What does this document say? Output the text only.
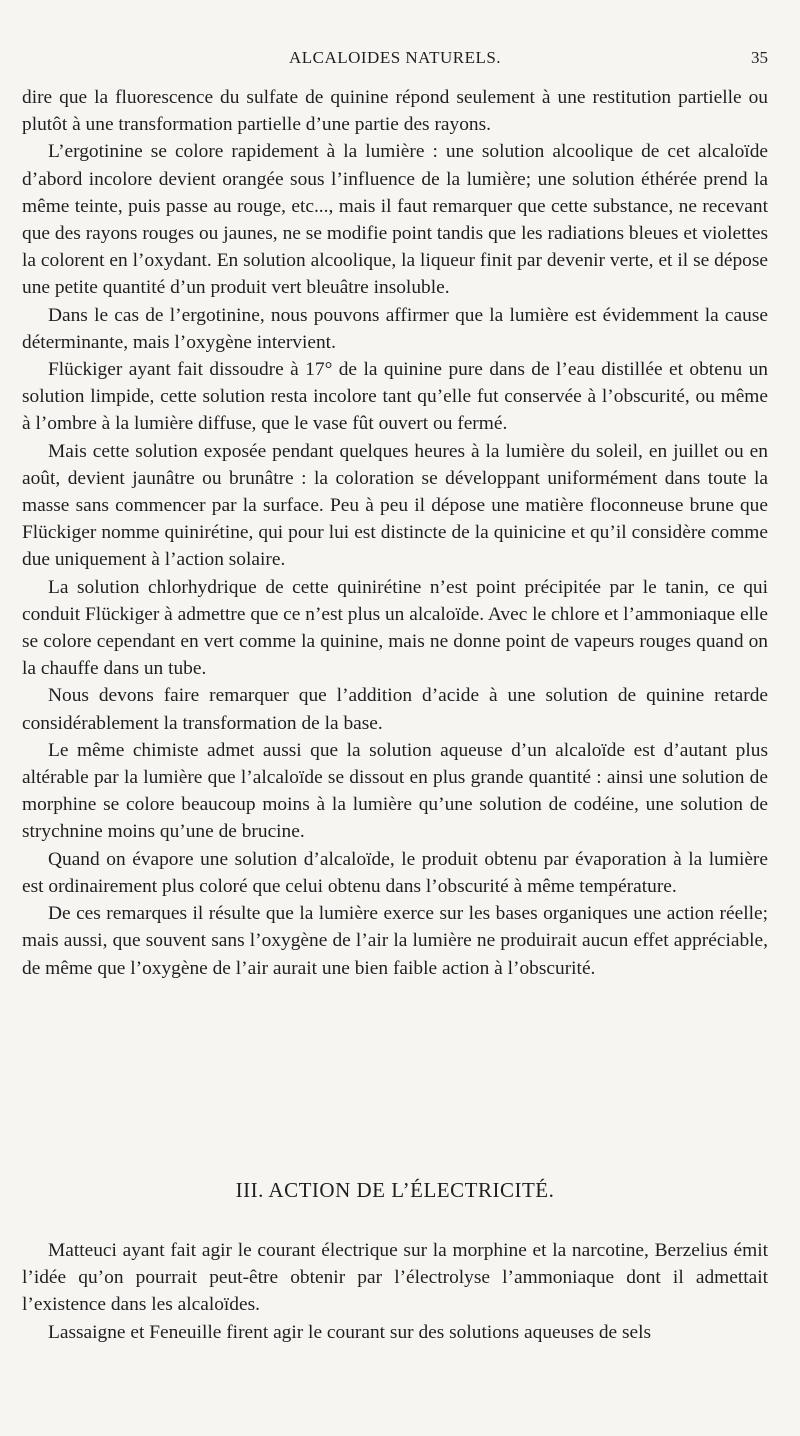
ALCALOIDES NATURELS.	35

dire que la fluorescence du sulfate de quinine répond seulement à une restitution partielle ou plutôt à une transformation partielle d’une partie des rayons.

L’ergotinine se colore rapidement à la lumière : une solution alcoolique de cet alcaloïde d’abord incolore devient orangée sous l’influence de la lumière; une solution éthérée prend la même teinte, puis passe au rouge, etc..., mais il faut remarquer que cette substance, ne recevant que des rayons rouges ou jaunes, ne se modifie point tandis que les radiations bleues et violettes la colorent en l’oxydant. En solution alcoolique, la liqueur finit par devenir verte, et il se dépose une petite quantité d’un produit vert bleuâtre insoluble.

Dans le cas de l’ergotinine, nous pouvons affirmer que la lumière est évidemment la cause déterminante, mais l’oxygène intervient.

Flückiger ayant fait dissoudre à 17° de la quinine pure dans de l’eau distillée et obtenu un solution limpide, cette solution resta incolore tant qu’elle fut conservée à l’obscurité, ou même à l’ombre à la lumière diffuse, que le vase fût ouvert ou fermé.

Mais cette solution exposée pendant quelques heures à la lumière du soleil, en juillet ou en août, devient jaunâtre ou brunâtre : la coloration se développant uniformément dans toute la masse sans commencer par la surface. Peu à peu il dépose une matière floconneuse brune que Flückiger nomme quinirétine, qui pour lui est distincte de la quinicine et qu’il considère comme due uniquement à l’action solaire.

La solution chlorhydrique de cette quinirétine n’est point précipitée par le tanin, ce qui conduit Flückiger à admettre que ce n’est plus un alcaloïde. Avec le chlore et l’ammoniaque elle se colore cependant en vert comme la quinine, mais ne donne point de vapeurs rouges quand on la chauffe dans un tube.

Nous devons faire remarquer que l’addition d’acide à une solution de quinine retarde considérablement la transformation de la base.

Le même chimiste admet aussi que la solution aqueuse d’un alcaloïde est d’autant plus altérable par la lumière que l’alcaloïde se dissout en plus grande quantité : ainsi une solution de morphine se colore beaucoup moins à la lumière qu’une solution de codéine, une solution de strychnine moins qu’une de brucine.

Quand on évapore une solution d’alcaloïde, le produit obtenu par évaporation à la lumière est ordinairement plus coloré que celui obtenu dans l’obscurité à même température.

De ces remarques il résulte que la lumière exerce sur les bases organiques une action réelle; mais aussi, que souvent sans l’oxygène de l’air la lumière ne produirait aucun effet appréciable, de même que l’oxygène de l’air aurait une bien faible action à l’obscurité.

III. ACTION DE L’ÉLECTRICITÉ.

Matteuci ayant fait agir le courant électrique sur la morphine et la narcotine, Berzelius émit l’idée qu’on pourrait peut-être obtenir par l’électrolyse l’ammoniaque dont il admettait l’existence dans les alcaloïdes.

Lassaigne et Feneuille firent agir le courant sur des solutions aqueuses de sels
